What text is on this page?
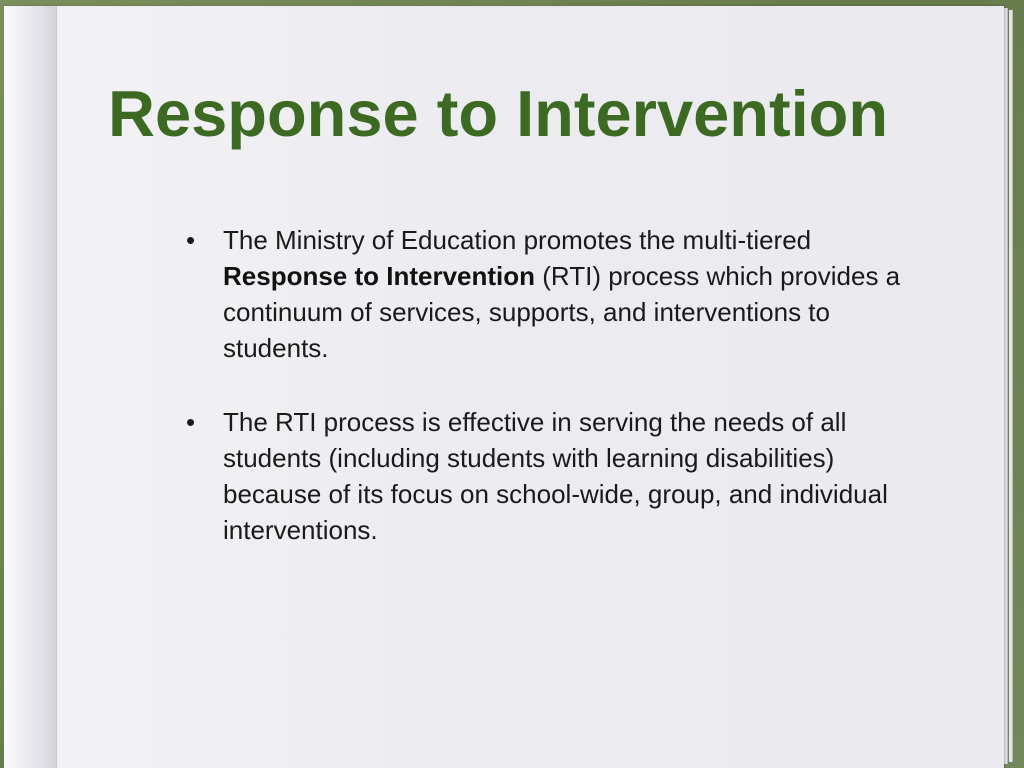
Response to Intervention
• The Ministry of Education promotes the multi-tiered Response to Intervention (RTI) process which provides a continuum of services, supports, and interventions to students.
• The RTI process is effective in serving the needs of all students (including students with learning disabilities) because of its focus on school-wide, group, and individual interventions.
